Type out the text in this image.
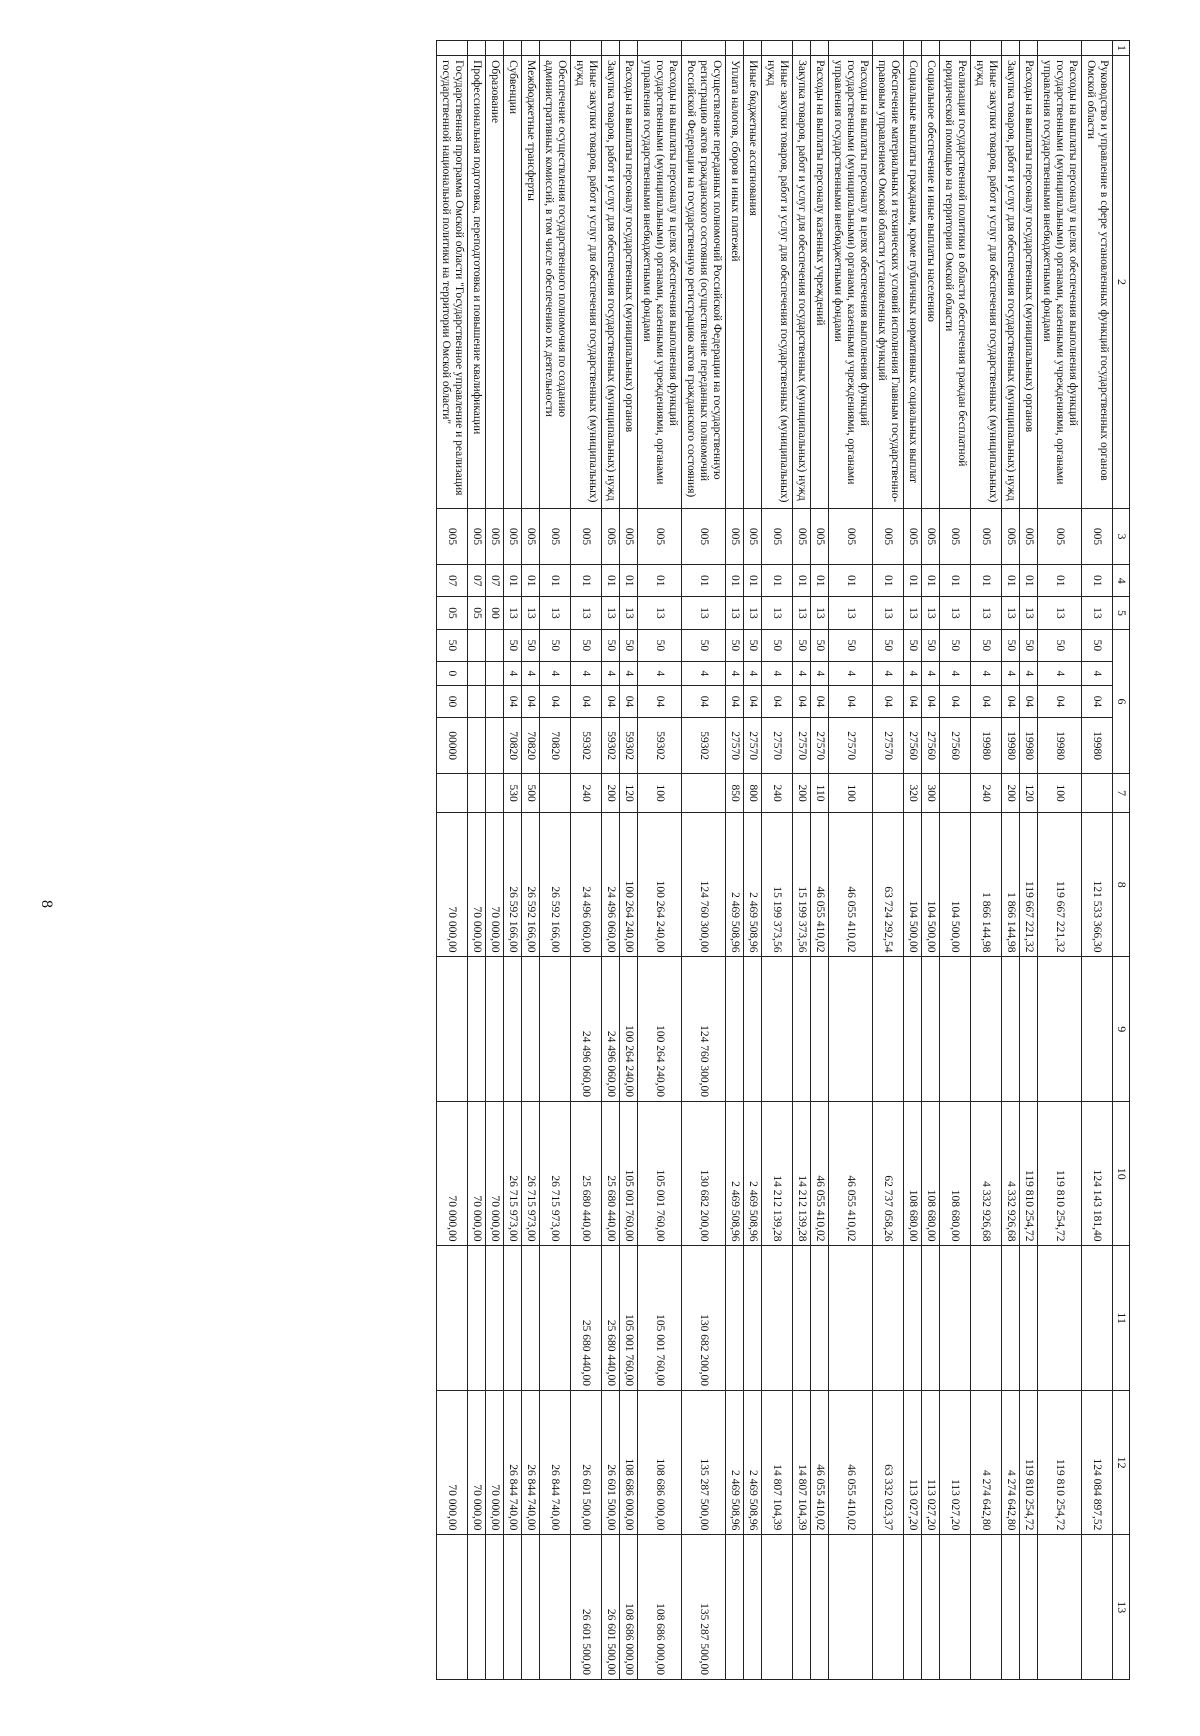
8
1	2	3	4	5	6				7	8	9	10	11	12	13
	Руководство и управление в сфере установленных функций государственных органов Омской области	005	01	13	50	4	04	19980		121 533 366,30		124 143 181,40		124 084 897,52	
	Расходы на выплаты персоналу в целях обеспечения выполнения функций государственными (муниципальными) органами, казенными учреждениями, органами управления государственными внебюджетными фондами	005	01	13	50	4	04	19980	100	119 667 221,32		119 810 254,72		119 810 254,72	
	Расходы на выплаты персоналу государственных (муниципальных) органов	005	01	13	50	4	04	19980	120	119 667 221,32		119 810 254,72		119 810 254,72	
	Закупка товаров, работ и услуг для обеспечения государственных (муниципальных) нужд	005	01	13	50	4	04	19980	200	1 866 144,98		4 332 926,68		4 274 642,80	
	Иные закупки товаров, работ и услуг для обеспечения государственных (муниципальных) нужд	005	01	13	50	4	04	19980	240	1 866 144,98		4 332 926,68		4 274 642,80	
	Реализация государственной политики в области обеспечения граждан бесплатной юридической помощью на территории Омской области	005	01	13	50	4	04	27560		104 500,00		108 680,00		113 027,20	
	Социальное обеспечение и иные выплаты населению	005	01	13	50	4	04	27560	300	104 500,00		108 680,00		113 027,20	
	Социальные выплаты гражданам, кроме публичных нормативных социальных выплат	005	01	13	50	4	04	27560	320	104 500,00		108 680,00		113 027,20	
	Обеспечение материальных и технических условий исполнения Главным государственно-правовым управлением Омской области установленных функций	005	01	13	50	4	04	27570		63 724 292,54		62 737 058,26		63 332 023,37	
	Расходы на выплаты персоналу в целях обеспечения выполнения функций государственными (муниципальными) органами, казенными учреждениями, органами управления государственными внебюджетными фондами	005	01	13	50	4	04	27570	100	46 055 410,02		46 055 410,02		46 055 410,02	
	Расходы на выплаты персоналу казенных учреждений	005	01	13	50	4	04	27570	110	46 055 410,02		46 055 410,02		46 055 410,02	
	Закупка товаров, работ и услуг для обеспечения государственных (муниципальных) нужд	005	01	13	50	4	04	27570	200	15 199 373,56		14 212 139,28		14 807 104,39	
	Иные закупки товаров, работ и услуг для обеспечения государственных (муниципальных) нужд	005	01	13	50	4	04	27570	240	15 199 373,56		14 212 139,28		14 807 104,39	
	Иные бюджетные ассигнования	005	01	13	50	4	04	27570	800	2 469 508,96		2 469 508,96		2 469 508,96	
	Уплата налогов, сборов и иных платежей	005	01	13	50	4	04	27570	850	2 469 508,96		2 469 508,96		2 469 508,96	
	Осуществление переданных полномочий Российской Федерации на государственную регистрацию актов гражданского состояния (осуществление переданных полномочий Российской Федерации на государственную регистрацию актов гражданского состояния)	005	01	13	50	4	04	59302		124 760 300,00	124 760 300,00	130 682 200,00	130 682 200,00	135 287 500,00	135 287 500,00
	Расходы на выплаты персоналу в целях обеспечения выполнения функций государственными (муниципальными) органами, казенными учреждениями, органами управления государственными внебюджетными фондами	005	01	13	50	4	04	59302	100	100 264 240,00	100 264 240,00	105 001 760,00	105 001 760,00	108 686 000,00	108 686 000,00
	Расходы на выплаты персоналу государственных (муниципальных) органов	005	01	13	50	4	04	59302	120	100 264 240,00	100 264 240,00	105 001 760,00	105 001 760,00	108 686 000,00	108 686 000,00
	Закупка товаров, работ и услуг для обеспечения государственных (муниципальных) нужд	005	01	13	50	4	04	59302	200	24 496 060,00	24 496 060,00	25 680 440,00	25 680 440,00	26 601 500,00	26 601 500,00
	Иные закупки товаров, работ и услуг для обеспечения государственных (муниципальных) нужд	005	01	13	50	4	04	59302	240	24 496 060,00	24 496 060,00	25 680 440,00	25 680 440,00	26 601 500,00	26 601 500,00
	Обеспечение осуществления государственного полномочия по созданию административных комиссий, в том числе обеспечению их деятельности	005	01	13	50	4	04	70820		26 592 166,00		26 715 973,00		26 844 740,00	
	Межбюджетные трансферты	005	01	13	50	4	04	70820	500	26 592 166,00		26 715 973,00		26 844 740,00	
	Субвенции	005	01	13	50	4	04	70820	530	26 592 166,00		26 715 973,00		26 844 740,00	
	Образование	005	07	00						70 000,00		70 000,00		70 000,00	
	Профессиональная подготовка, переподготовка и повышение квалификации	005	07	05						70 000,00		70 000,00		70 000,00	
	Государственная программа Омской области "Государственное управление и реализация государственной национальной политики на территории Омской области"	005	07	05	50	0	00	00000		70 000,00		70 000,00		70 000,00	
